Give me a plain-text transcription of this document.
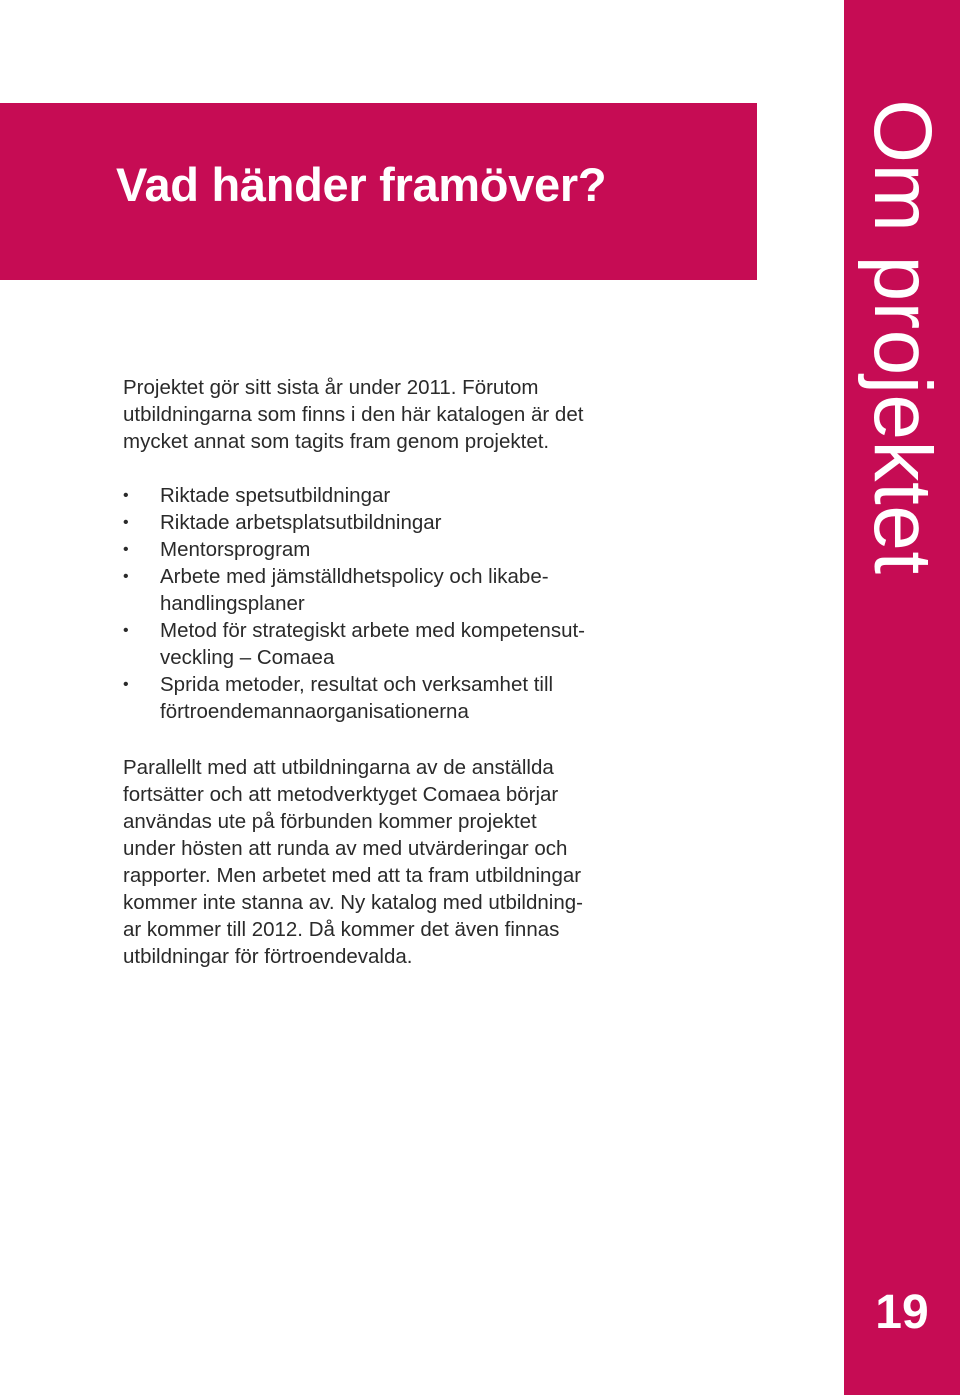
Vad händer framöver?	Om projektet
19

Projektet gör sitt sista år under 2011. Förutom
utbildningarna som finns i den här katalogen är det
mycket annat som tagits fram genom projektet.

• Riktade spetsutbildningar
• Riktade arbetsplatsutbildningar
• Mentorsprogram
• Arbete med jämställdhetspolicy och likabe-
handlingsplaner
• Metod för strategiskt arbete med kompetensut-
veckling – Comaea
• Sprida metoder, resultat och verksamhet till
förtroendemannaorganisationerna

Parallellt med att utbildningarna av de anställda
fortsätter och att metodverktyget Comaea börjar
användas ute på förbunden kommer projektet
under hösten att runda av med utvärderingar och
rapporter. Men arbetet med att ta fram utbildningar
kommer inte stanna av. Ny katalog med utbildning-
ar kommer till 2012. Då kommer det även finnas
utbildningar för förtroendevalda.
